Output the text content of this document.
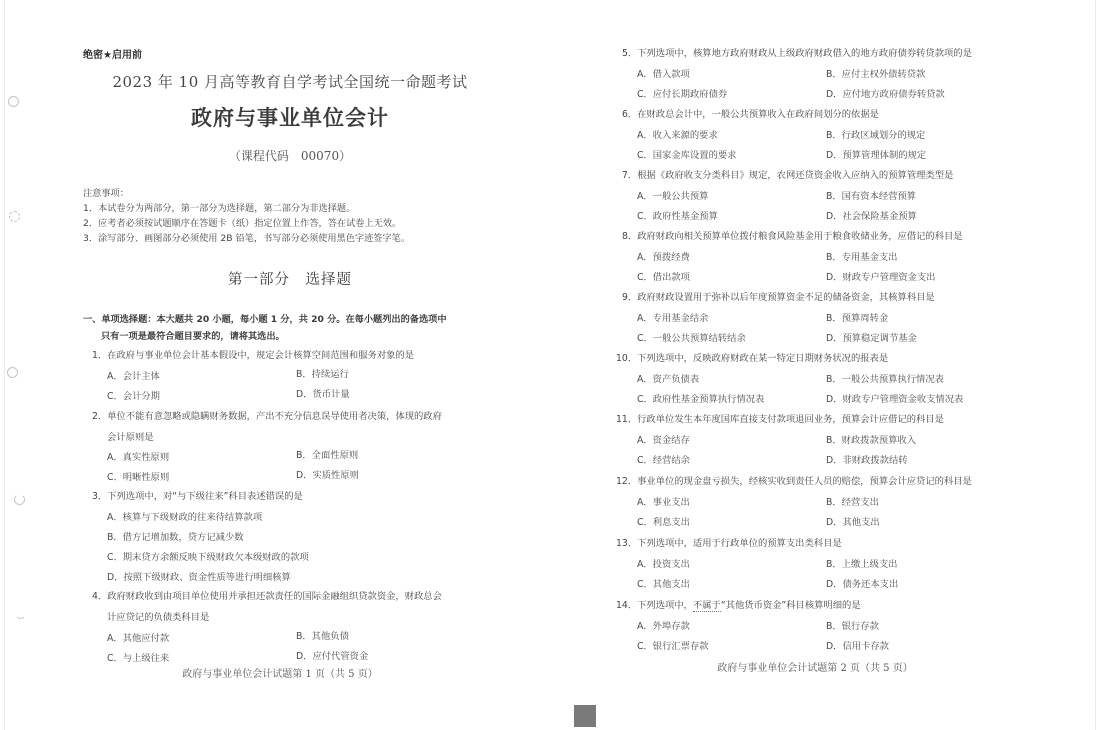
绝密★启用前
2023 年 10 月高等教育自学考试全国统一命题考试
政府与事业单位会计
（课程代码　00070）
注意事项：
1．本试卷分为两部分，第一部分为选择题，第二部分为非选择题。
2．应考者必须按试题顺序在答题卡（纸）指定位置上作答，答在试卷上无效。
3．涂写部分、画图部分必须使用 2B 铅笔，书写部分必须使用黑色字迹签字笔。
第一部分　选择题
一、单项选择题：本大题共 20 小题，每小题 1 分，共 20 分。在每小题列出的备选项中
只有一项是最符合题目要求的，请将其选出。
1．在政府与事业单位会计基本假设中，规定会计核算空间范围和服务对象的是
A．会计主体	B．持续运行
C．会计分期	D．货币计量
2．单位不能有意忽略或隐瞒财务数据，产出不充分信息误导使用者决策，体现的政府
会计原则是
A．真实性原则	B．全面性原则
C．明晰性原则	D．实质性原则
3．下列选项中，对“与下级往来”科目表述错误的是
A．核算与下级财政的往来待结算款项
B．借方记增加数，贷方记减少数
C．期末贷方余额反映下级财政欠本级财政的款项
D．按照下级财政、资金性质等进行明细核算
4．政府财政收到由项目单位使用并承担还款责任的国际金融组织贷款资金，财政总会
计应贷记的负债类科目是
A．其他应付款	B．其他负债
C．与上级往来	D．应付代管资金
政府与事业单位会计试题第 1 页（共 5 页）
5．下列选项中，核算地方政府财政从上级政府财政借入的地方政府债券转贷款项的是
A．借入款项	B．应付主权外债转贷款
C．应付长期政府债券	D．应付地方政府债券转贷款
6．在财政总会计中，一般公共预算收入在政府间划分的依据是
A．收入来源的要求	B．行政区域划分的规定
C．国家金库设置的要求	D．预算管理体制的规定
7．根据《政府收支分类科目》规定，农网还贷资金收入应纳入的预算管理类型是
A．一般公共预算	B．国有资本经营预算
C．政府性基金预算	D．社会保险基金预算
8．政府财政向相关预算单位拨付粮食风险基金用于粮食收储业务，应借记的科目是
A．预拨经费	B．专用基金支出
C．借出款项	D．财政专户管理资金支出
9．政府财政设置用于弥补以后年度预算资金不足的储备资金，其核算科目是
A．专用基金结余	B．预算周转金
C．一般公共预算结转结余	D．预算稳定调节基金
10．下列选项中，反映政府财政在某一特定日期财务状况的报表是
A．资产负债表	B．一般公共预算执行情况表
C．政府性基金预算执行情况表	D．财政专户管理资金收支情况表
11．行政单位发生本年度国库直接支付款项退回业务，预算会计应借记的科目是
A．资金结存	B．财政拨款预算收入
C．经营结余	D．非财政拨款结转
12．事业单位的现金盘亏损失，经核实收到责任人员的赔偿，预算会计应贷记的科目是
A．事业支出	B．经营支出
C．利息支出	D．其他支出
13．下列选项中，适用于行政单位的预算支出类科目是
A．投资支出	B．上缴上级支出
C．其他支出	D．债务还本支出
14．下列选项中，不属于“其他货币资金”科目核算明细的是
A．外埠存款	B．银行存款
C．银行汇票存款	D．信用卡存款
政府与事业单位会计试题第 2 页（共 5 页）
